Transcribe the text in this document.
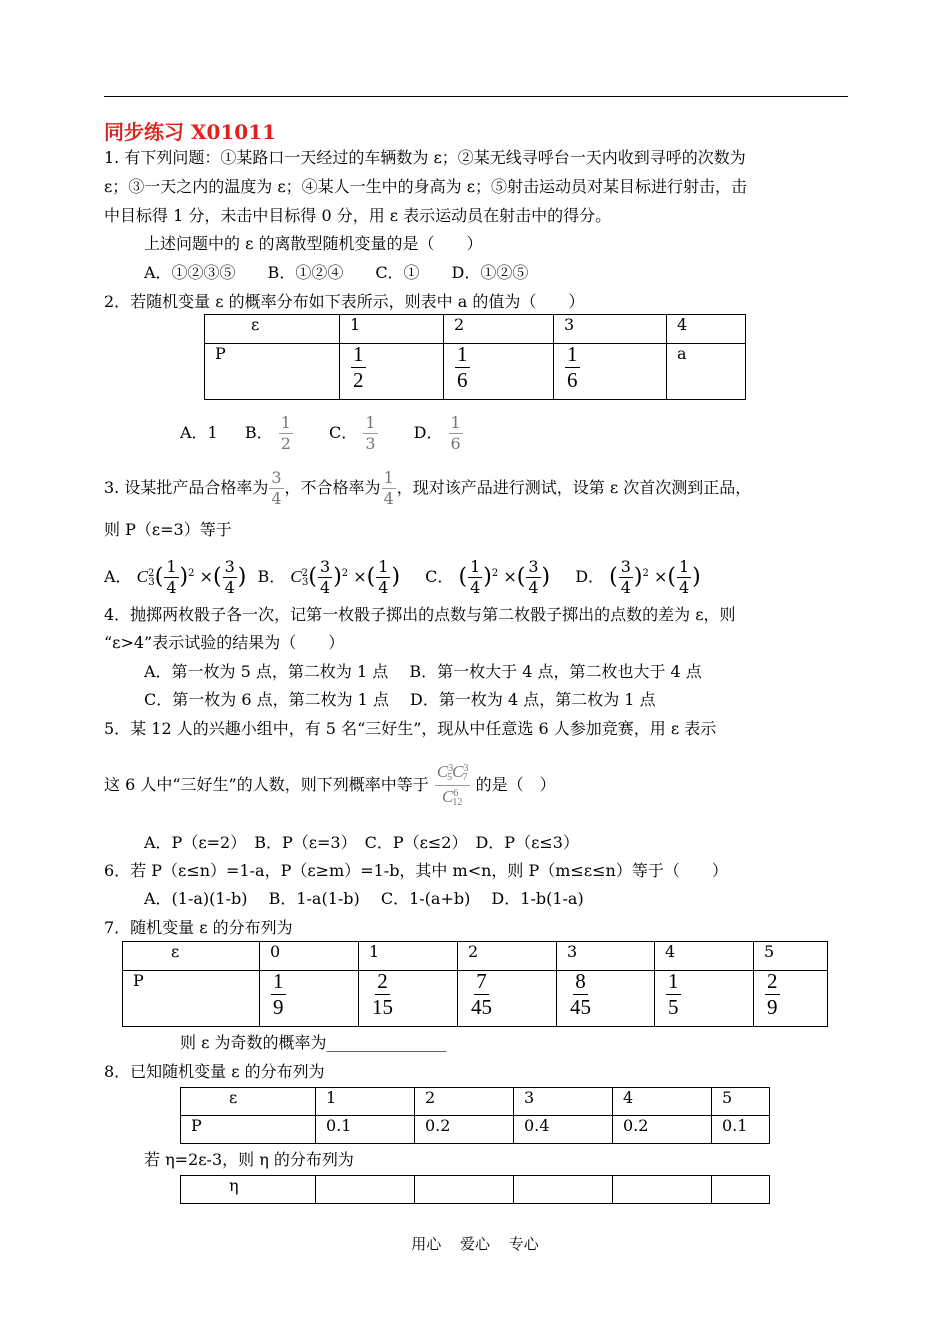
同步练习 X01011
1. 有下列问题：①某路口一天经过的车辆数为 ε；②某无线寻呼台一天内收到寻呼的次数为
ε；③一天之内的温度为 ε；④某人一生中的身高为 ε；⑤射击运动员对某目标进行射击，击
中目标得 1 分，未击中目标得 0 分，用 ε 表示运动员在射击中的得分。
上述问题中的 ε 的离散型随机变量的是（　　）
A．①②③⑤　　B．①②④　　C．①　　D．①②⑤
2．若随机变量 ε 的概率分布如下表所示，则表中 a 的值为（　　）
ε	1	2	3	4
P	$\frac{1}{2}$	$\frac{1}{6}$	$\frac{1}{6}$	a
A．1 B． $\frac{1}{2}$ C． $\frac{1}{3}$ D． $\frac{1}{6}$
3. 设某批产品合格率为 $\frac{3}{4}$ ，不合格率为 $\frac{1}{4}$ ，现对该产品进行测试，设第 ε 次首次测到正品，
则 P（ε=3）等于
A． $C^2_3( \frac{1}{4} )^2$ ×( $\frac{3}{4}$ ) B． $C^2_3( \frac{3}{4} )^2$ ×( $\frac{1}{4}$ ) C． ( $\frac{1}{4} )^2$ ×( $\frac{3}{4}$ ) D． ( $\frac{3}{4} )^2$ ×( $\frac{1}{4}$ )
4．抛掷两枚骰子各一次，记第一枚骰子掷出的点数与第二枚骰子掷出的点数的差为 ε，则
“ε>4”表示试验的结果为（　　）
A．第一枚为 5 点，第二枚为 1 点　 B．第一枚大于 4 点，第二枚也大于 4 点
C．第一枚为 6 点，第二枚为 1 点　 D．第一枚为 4 点，第二枚为 1 点
5．某 12 人的兴趣小组中，有 5 名“三好生”，现从中任意选 6 人参加竞赛，用 ε 表示
这 6 人中“三好生”的人数，则下列概率中等于 $\frac{C^3_5C^3_7}{C^6_{12}}$ 的是（　）
A．P（ε=2）　B．P（ε=3）　C．P（ε≤2）　D．P（ε≤3）
6．若 P（ε≤n）=1-a，P（ε≥m）=1-b，其中 m<n，则 P（m≤ε≤n）等于（　　）
A．(1-a)(1-b)　 B．1-a(1-b)　 C．1-(a+b)　 D．1-b(1-a)
7．随机变量 ε 的分布列为
ε	0	1	2	3	4	5
P	$\frac{1}{9}$	$\frac{2}{15}$	$\frac{7}{45}$	$\frac{8}{45}$	$\frac{1}{5}$	$\frac{2}{9}$
则 ε 为奇数的概率为_______________
8．已知随机变量 ε 的分布列为
ε	1	2	3	4	5
P	0.1	0.2	0.4	0.2	0.1
若 η=2ε-3，则 η 的分布列为
η					
用心 爱心 专心
